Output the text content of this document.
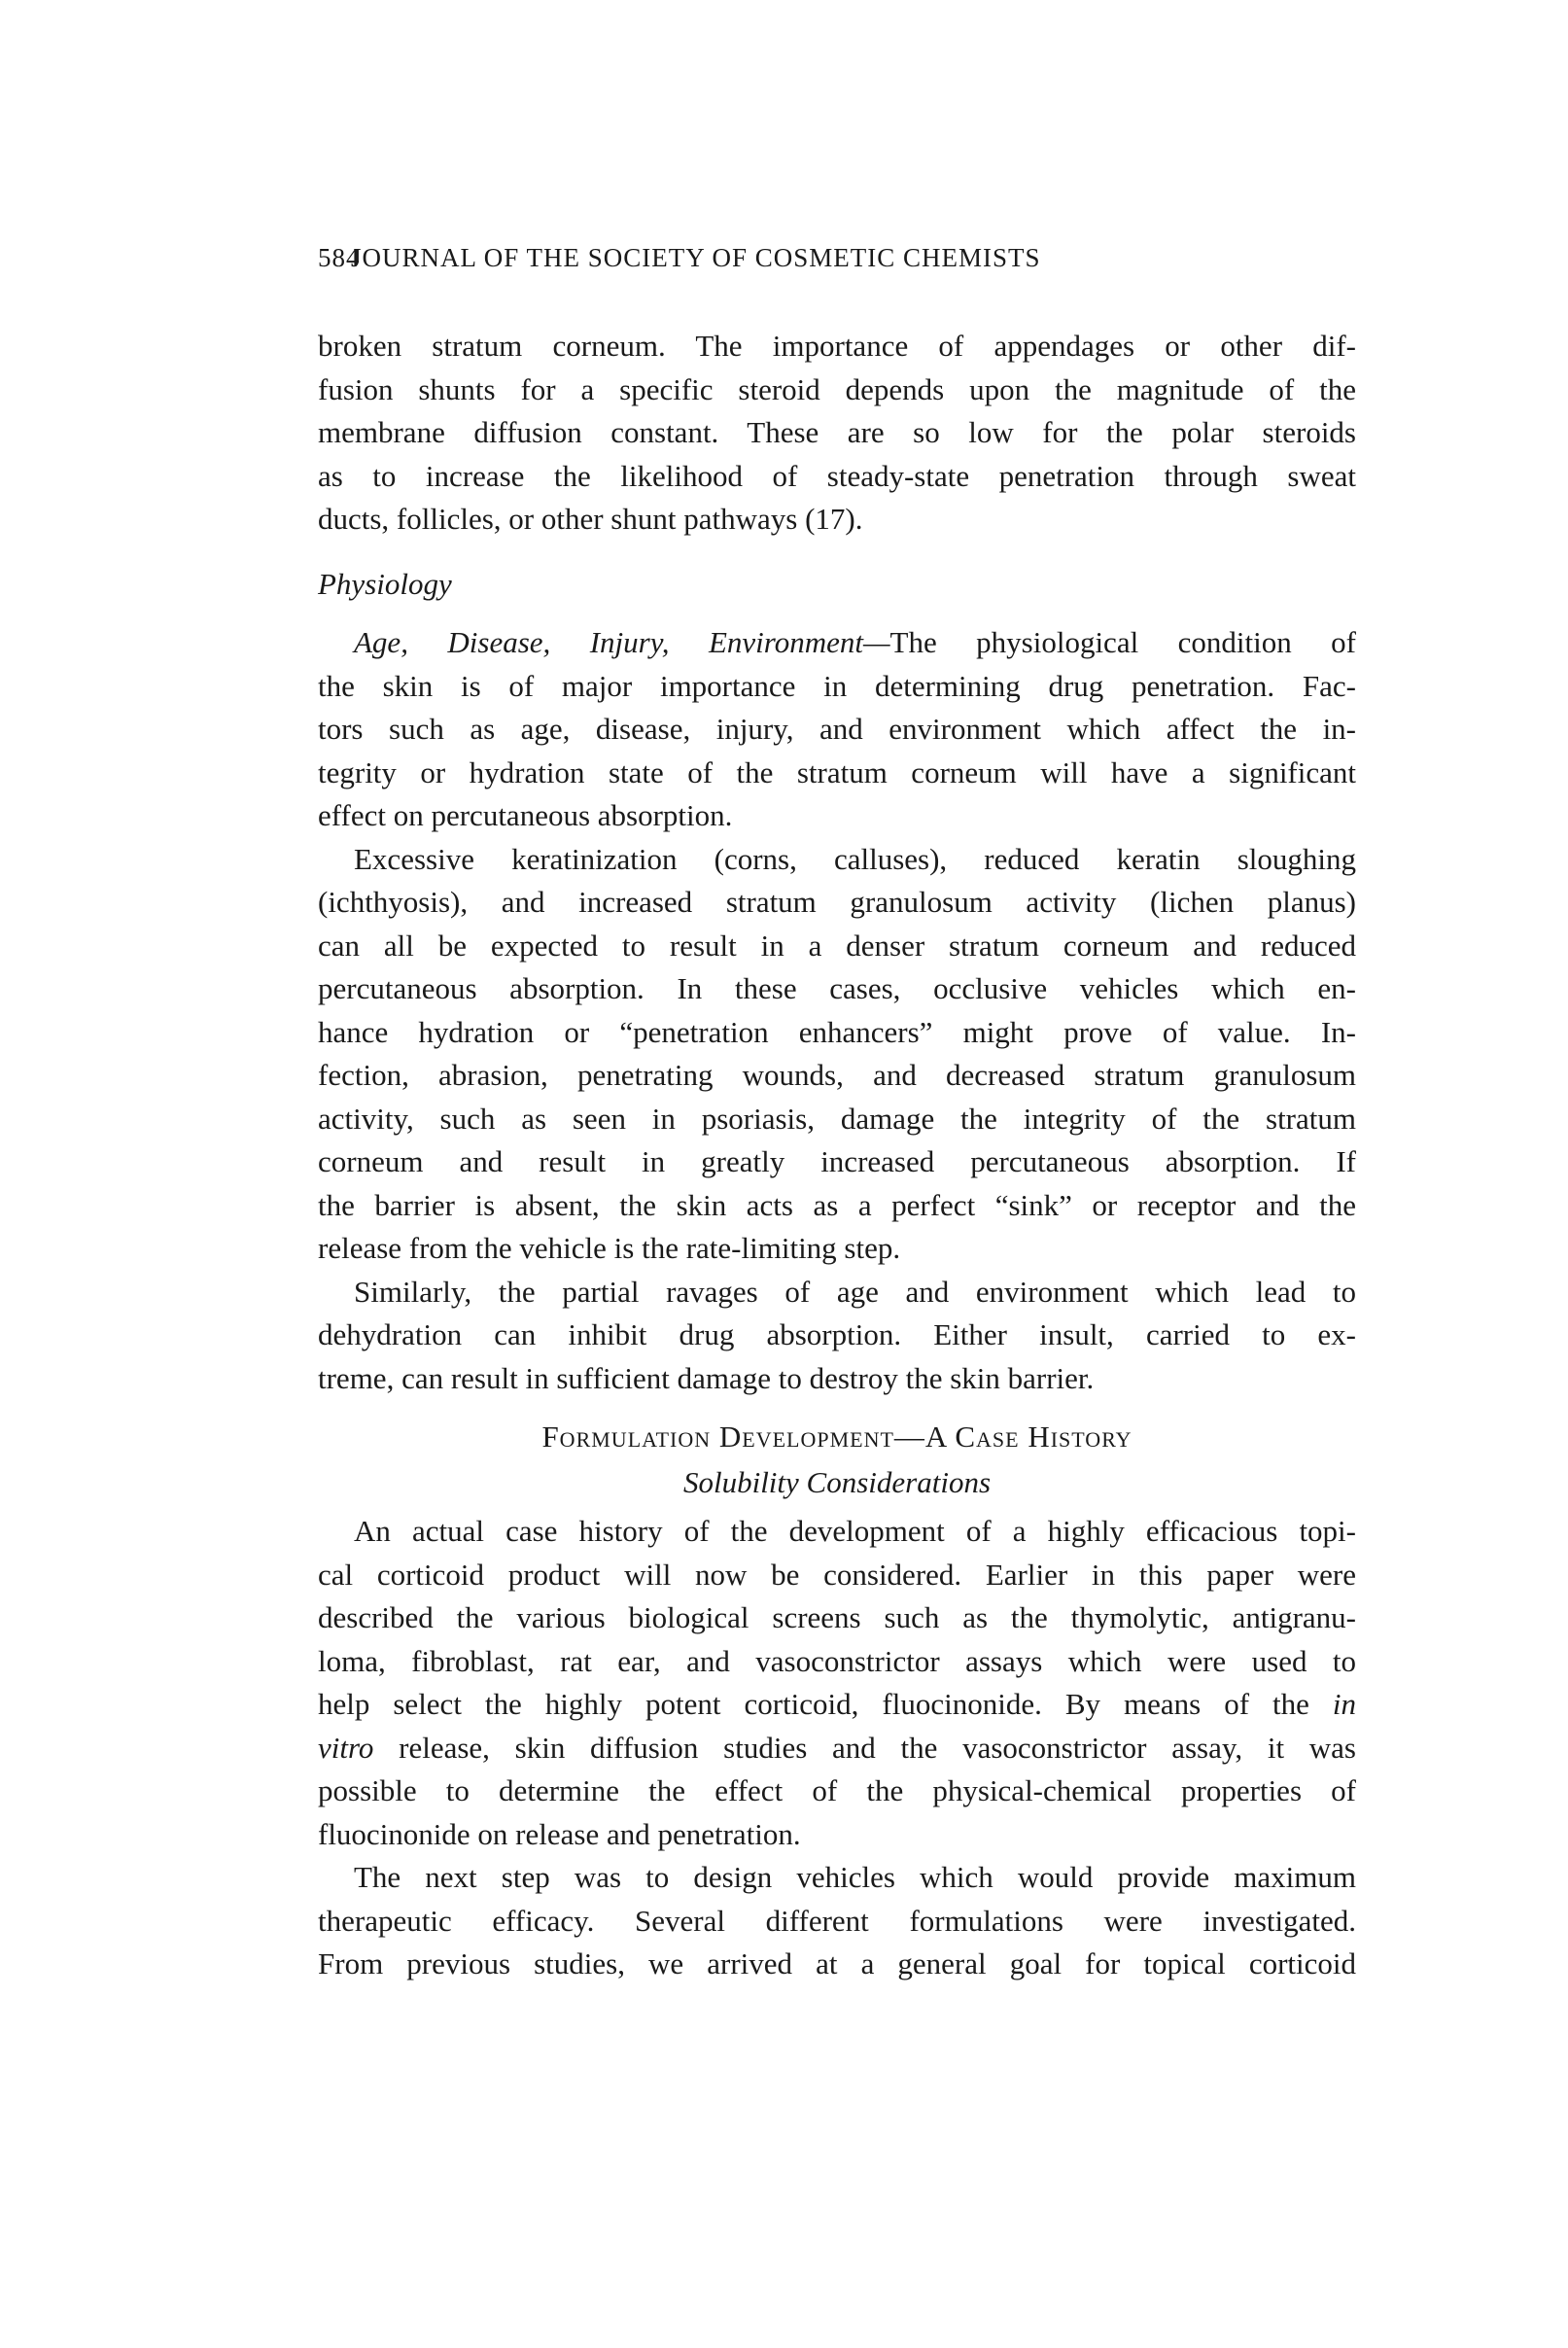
584
JOURNAL OF THE SOCIETY OF COSMETIC CHEMISTS
broken stratum corneum. The importance of appendages or other dif-
fusion shunts for a specific steroid depends upon the magnitude of the
membrane diffusion constant. These are so low for the polar steroids
as to increase the likelihood of steady-state penetration through sweat
ducts, follicles, or other shunt pathways (17).
Physiology
Age, Disease, Injury, Environment—The physiological condition of
the skin is of major importance in determining drug penetration. Fac-
tors such as age, disease, injury, and environment which affect the in-
tegrity or hydration state of the stratum corneum will have a significant
effect on percutaneous absorption.
Excessive keratinization (corns, calluses), reduced keratin sloughing
(ichthyosis), and increased stratum granulosum activity (lichen planus)
can all be expected to result in a denser stratum corneum and reduced
percutaneous absorption. In these cases, occlusive vehicles which en-
hance hydration or “penetration enhancers” might prove of value. In-
fection, abrasion, penetrating wounds, and decreased stratum granulosum
activity, such as seen in psoriasis, damage the integrity of the stratum
corneum and result in greatly increased percutaneous absorption. If
the barrier is absent, the skin acts as a perfect “sink” or receptor and the
release from the vehicle is the rate-limiting step.
Similarly, the partial ravages of age and environment which lead to
dehydration can inhibit drug absorption. Either insult, carried to ex-
treme, can result in sufficient damage to destroy the skin barrier.
Formulation Development—A Case History
Solubility Considerations
An actual case history of the development of a highly efficacious topi-
cal corticoid product will now be considered. Earlier in this paper were
described the various biological screens such as the thymolytic, antigranu-
loma, fibroblast, rat ear, and vasoconstrictor assays which were used to
help select the highly potent corticoid, fluocinonide. By means of the in
vitro release, skin diffusion studies and the vasoconstrictor assay, it was
possible to determine the effect of the physical-chemical properties of
fluocinonide on release and penetration.
The next step was to design vehicles which would provide maximum
therapeutic efficacy. Several different formulations were investigated.
From previous studies, we arrived at a general goal for topical corticoid
